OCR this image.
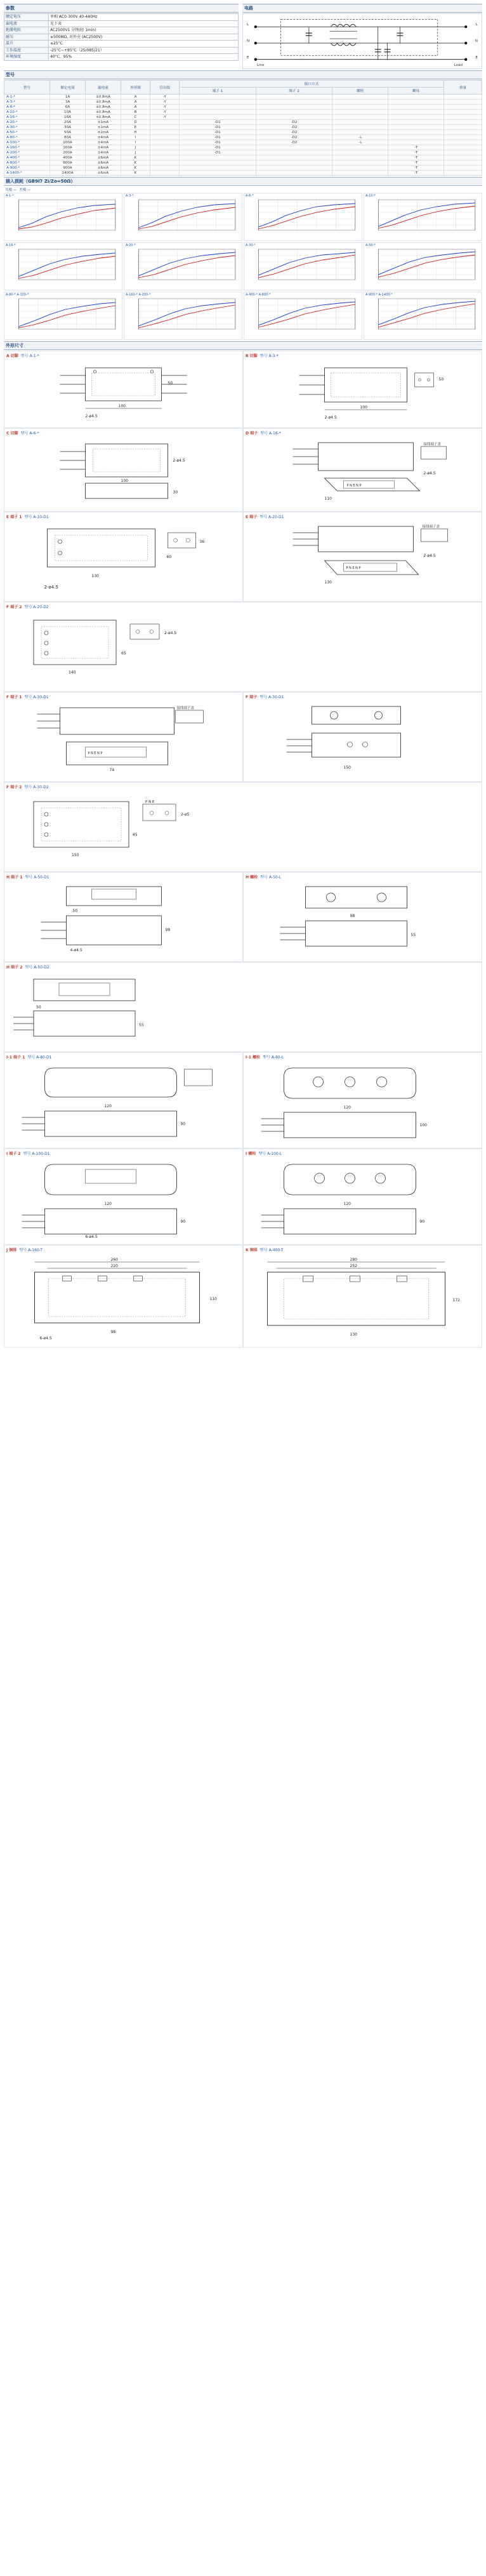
参数
额定电压	单相 AC0-300V 40-440Hz
漏电流	见下表
绝缘电阻	AC2500V1 分钟/轻 1min)
耐压	≥500MΩ, 对外壳 (AC2500V)
温升	≤25°C
工作温度	-25°C~+85°C（25/085/21）
环境湿度	40°C，95%
电路
L
N
E
L
N
E
Line	Load
型号
型号	额定电流	漏电流	外形图	引出端	接口方式				重量
					端子 1	端子 2	螺栓	螺母	
A-1-*	1A	±0.8mA	A	-Y					
A-3-*	3A	±0.8mA	A	-Y					
A-6-*	6A	±0.8mA	A	-Y					
A-10-*	10A	±0.8mA	B	-Y					
A-16-*	16A	±0.8mA	C	-Y					
A-20-*	20A	±1mA	D		-D1	-D2			
A-30-*	30A	±1mA	E		-D1	-D2			
A-50-*	50A	±2mA	H		-D1	-D2			
A-80-*	80A	±4mA	I		-D1	-D2	-L		
A-100-*	100A	±4mA	I		-D1	-D2	-L		
A-160-*	160A	±4mA	J		-D1			-T	
A-200-*	200A	±4mA	J		-D1			-T	
A-400-*	400A	±6mA	K					-T	
A-800-*	800A	±6mA	K					-T	
A-900-*	900A	±6mA	K					-T	
A-1400-*	1400A	±6mA	K					-T	
插入损耗（GB9I7 Zi/Zo=50Ω）
共模 — 差模 —
A-1-*	A-3-*	A-6-*	A-10-*
A-16-*	A-20-*	A-30-*	A-50-*
A-80-* A-100-*	A-160-* A-200-*	A-400-* A-800-*	A-900-* A-1400-*
外形尺寸
A 切脚 型号 A-1-*
100
50
2-ø4.5
B 切脚 型号 A-3-*
100
50
2-ø4.5
C 切脚 型号 A-6-*
2-ø4.5
100
30
D 端子 型号 A-16-*
接线端子盖
P N E N P
2-ø4.5
110
E 端子 1 型号 A-10-D1
36
130
60
2-ø4.5
E 端子 型号 A-20-D1
接线端子盖
P N E N P
2-ø4.5
130
F 端子 2 型号 A-20-D2
2-ø4.5
140
65
F 端子 1 型号 A-30-D1
接线端子盖
P N E N P
74
F 端子 型号 A-30-D1
150
F 端子 2 型号 A-30-D2
P N E
2-ø5
150
45
H 端子 1 型号 A-50-D1
50
4-ø4.5
98
H 螺栓 型号 A-50-L
98
55
H 端子 2 型号 A-50-D2
50
55
I-1 端子 1 型号 A-80-D1
120
90
I-1 螺栓 型号 A-80-L
120
100
I 端子 2 型号 A-100-D1
120
6-ø4.5
90
I 螺栓 型号 A-100-L
120
90
J 铜排 型号 A-160-T
260
220
110
98
6-ø4.5
K 铜排 型号 A-400-T
280
252
172
130
